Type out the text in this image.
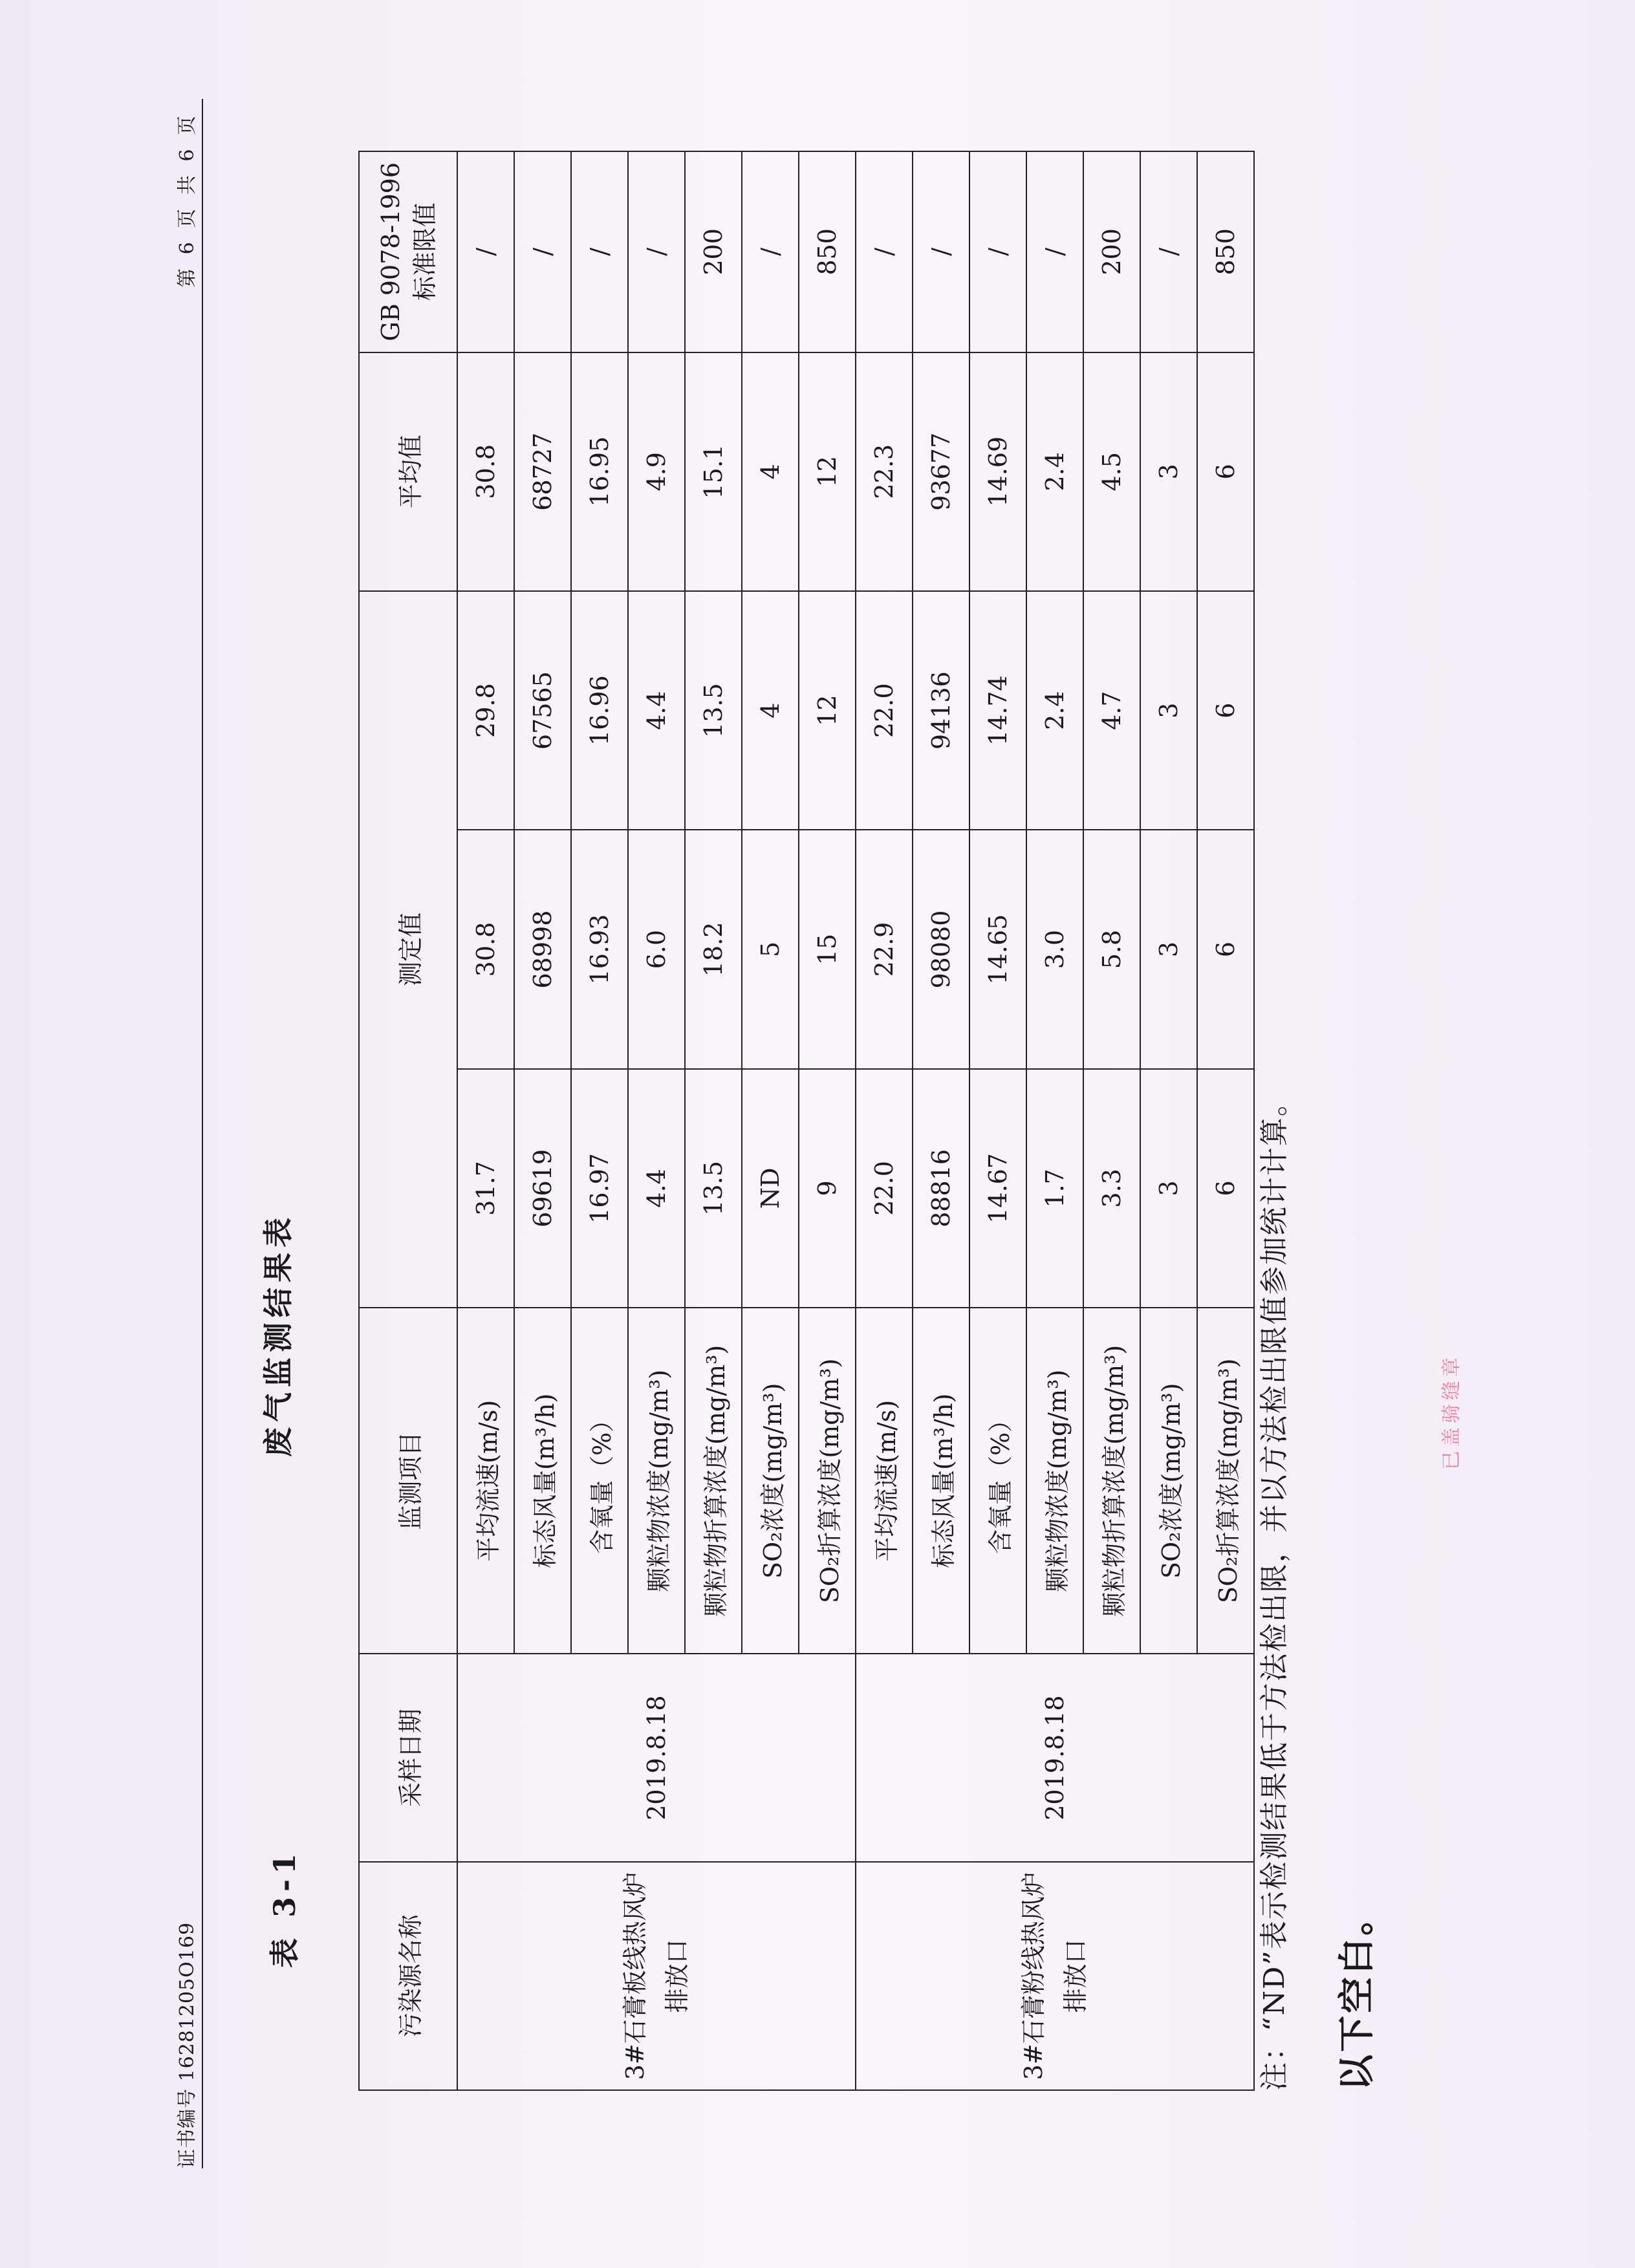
证书编号 16281205O169
第 6 页 共 6 页
表 3-1
废气监测结果表
污染源名称	采样日期	监测项目	测定值			平均值	GB 9078-1996 标准限值

3#石膏板线热风炉 排放口	2019.8.18	平均流速(m/s)	31.7	30.8	29.8	30.8	/
		标态风量(m³/h)	69619	68998	67565	68727	/
		含氧量（%）	16.97	16.93	16.96	16.95	/
		颗粒物浓度(mg/m³)	4.4	6.0	4.4	4.9	/
		颗粒物折算浓度(mg/m³)	13.5	18.2	13.5	15.1	200
		SO₂浓度(mg/m³)	ND	5	4	4	/
		SO₂折算浓度(mg/m³)	9	15	12	12	850

3#石膏粉线热风炉 排放口	2019.8.18	平均流速(m/s)	22.0	22.9	22.0	22.3	/
		标态风量(m³/h)	88816	98080	94136	93677	/
		含氧量（%）	14.67	14.65	14.74	14.69	/
		颗粒物浓度(mg/m³)	1.7	3.0	2.4	2.4	/
		颗粒物折算浓度(mg/m³)	3.3	5.8	4.7	4.5	200
		SO₂浓度(mg/m³)	3	3	3	3	/
		SO₂折算浓度(mg/m³)	6	6	6	6	850
注：“ND”表示检测结果低于方法检出限，并以方法检出限值参加统计计算。 以下空白。
已盖骑缝章
